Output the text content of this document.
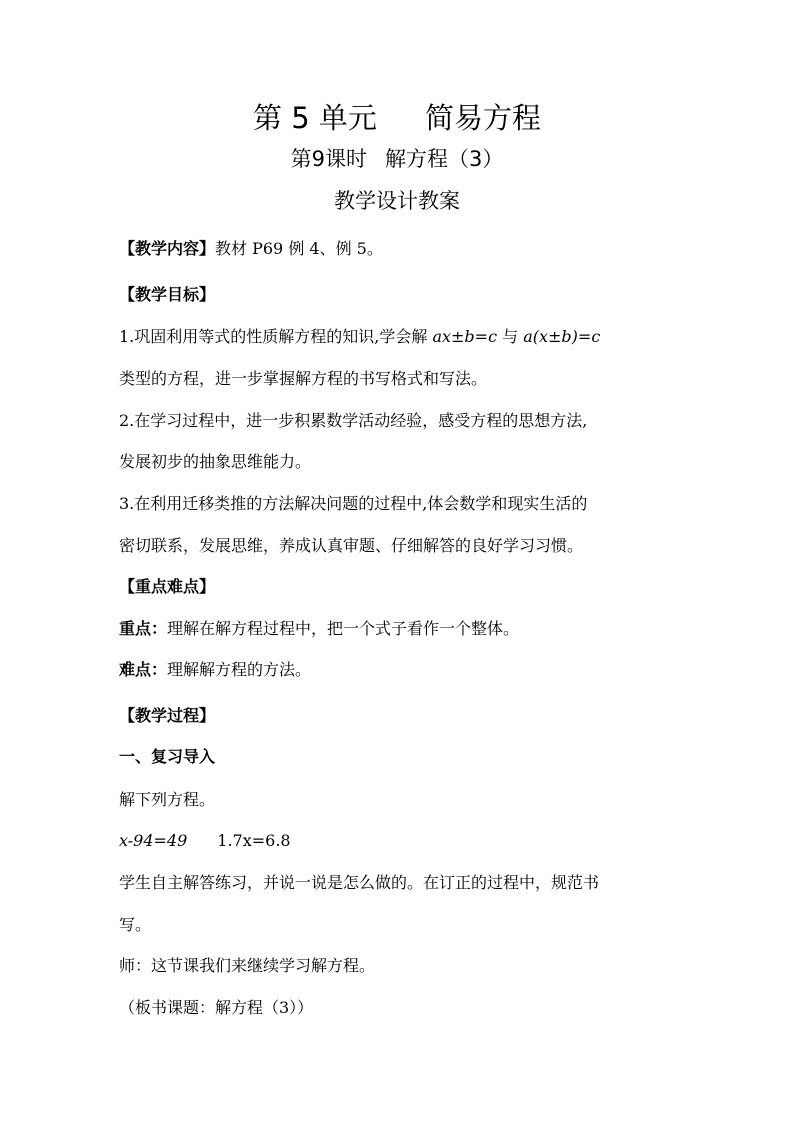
第 5 单元 简易方程
第9课时 解方程（3）
教学设计教案
【教学内容】教材 P69 例 4、例 5。
【教学目标】
1.巩固利用等式的性质解方程的知识,学会解 ax±b=c 与 a(x±b)=c
类型的方程，进一步掌握解方程的书写格式和写法。
2.在学习过程中，进一步积累数学活动经验，感受方程的思想方法,
发展初步的抽象思维能力。
3.在利用迁移类推的方法解决问题的过程中,体会数学和现实生活的
密切联系，发展思维，养成认真审题、仔细解答的良好学习习惯。
【重点难点】
重点：理解在解方程过程中，把一个式子看作一个整体。
难点：理解解方程的方法。
【教学过程】
一、复习导入
解下列方程。
x-94=49 1.7x=6.8
学生自主解答练习，并说一说是怎么做的。在订正的过程中，规范书
写。
师：这节课我们来继续学习解方程。
（板书课题：解方程（3））
